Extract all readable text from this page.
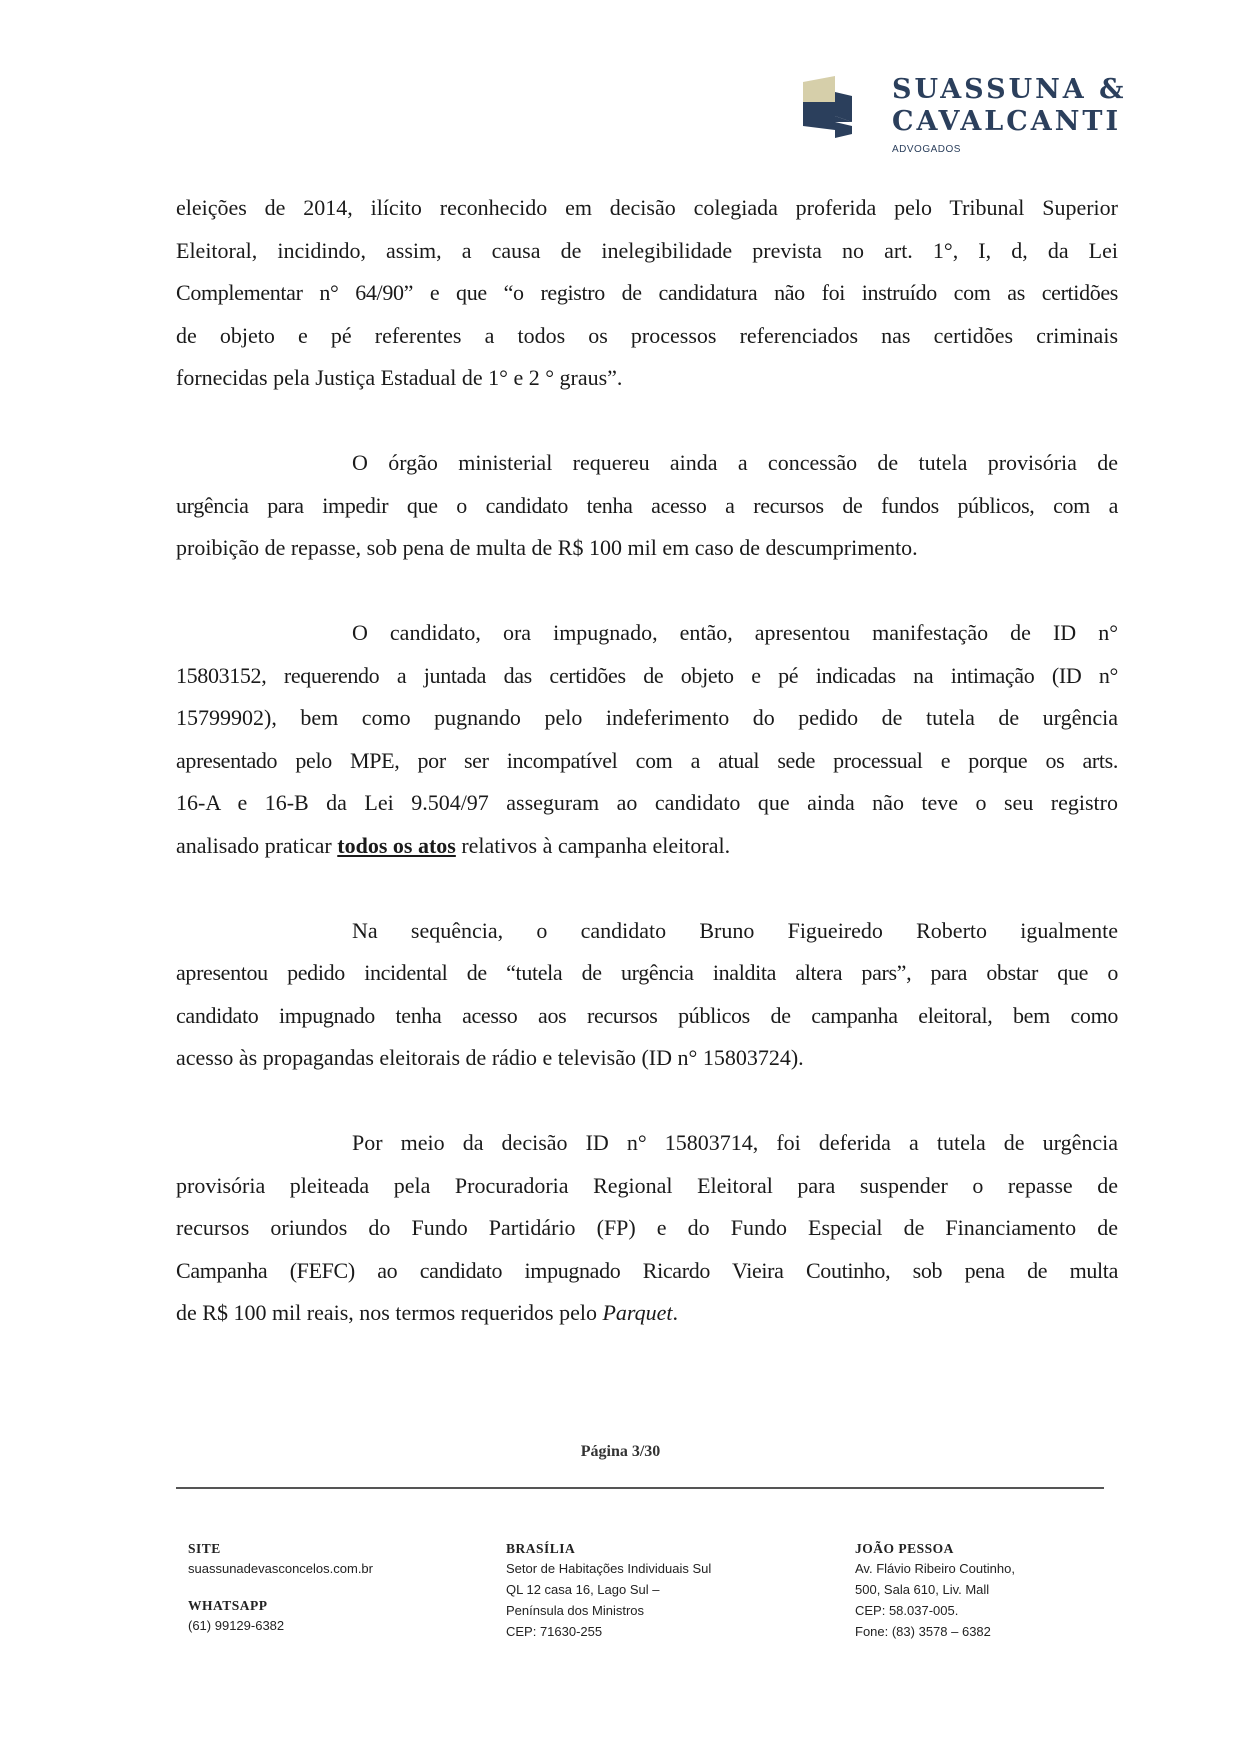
SUASSUNA &
CAVALCANTI
ADVOGADOS
eleições de 2014, ilícito reconhecido em decisão colegiada proferida pelo Tribunal Superior
Eleitoral, incidindo, assim, a causa de inelegibilidade prevista no art. 1°, I, d, da Lei
Complementar n° 64/90” e que “o registro de candidatura não foi instruído com as certidões
de objeto e pé referentes a todos os processos referenciados nas certidões criminais
fornecidas pela Justiça Estadual de 1° e 2 ° graus”.
O órgão ministerial requereu ainda a concessão de tutela provisória de
urgência para impedir que o candidato tenha acesso a recursos de fundos públicos, com a
proibição de repasse, sob pena de multa de R$ 100 mil em caso de descumprimento.
O candidato, ora impugnado, então, apresentou manifestação de ID n°
15803152, requerendo a juntada das certidões de objeto e pé indicadas na intimação (ID n°
15799902), bem como pugnando pelo indeferimento do pedido de tutela de urgência
apresentado pelo MPE, por ser incompatível com a atual sede processual e porque os arts.
16-A e 16-B da Lei 9.504/97 asseguram ao candidato que ainda não teve o seu registro
analisado praticar todos os atos relativos à campanha eleitoral.
Na sequência, o candidato Bruno Figueiredo Roberto igualmente
apresentou pedido incidental de “tutela de urgência inaldita altera pars”, para obstar que o
candidato impugnado tenha acesso aos recursos públicos de campanha eleitoral, bem como
acesso às propagandas eleitorais de rádio e televisão (ID n° 15803724).
Por meio da decisão ID n° 15803714, foi deferida a tutela de urgência
provisória pleiteada pela Procuradoria Regional Eleitoral para suspender o repasse de
recursos oriundos do Fundo Partidário (FP) e do Fundo Especial de Financiamento de
Campanha (FEFC) ao candidato impugnado Ricardo Vieira Coutinho, sob pena de multa
de R$ 100 mil reais, nos termos requeridos pelo Parquet.
Página 3/30
SITE
suassunadevasconcelos.com.br
WHATSAPP
(61) 99129-6382
BRASÍLIA
Setor de Habitações Individuais Sul
QL 12 casa 16, Lago Sul –
Península dos Ministros
CEP: 71630-255
JOÃO PESSOA
Av. Flávio Ribeiro Coutinho,
500, Sala 610, Liv. Mall
CEP: 58.037-005.
Fone: (83) 3578 – 6382
